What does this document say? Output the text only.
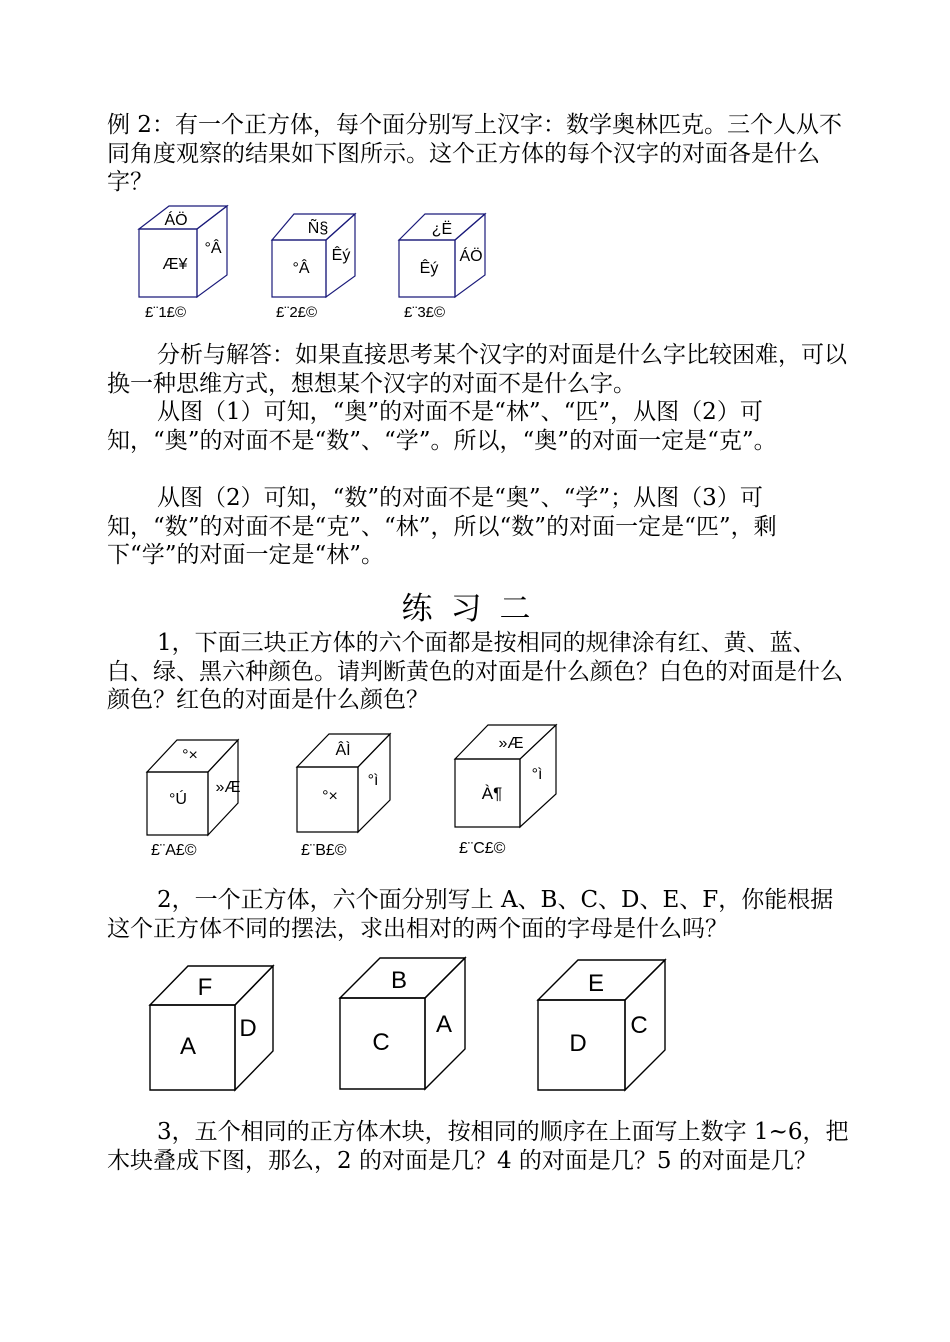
例 2：有一个正方体，每个面分别写上汉字：数学奥林匹克。三个人从不同角度观察的结果如下图所示。这个正方体的每个汉字的对面各是什么字？

ÁÖ
Æ¥
°Â
£¨1£©
Ñ§
°Â
Êý
£¨2£©
¿Ë
Êý
ÁÖ
£¨3£©

分析与解答：如果直接思考某个汉字的对面是什么字比较困难，可以换一种思维方式，想想某个汉字的对面不是什么字。

从图（1）可知，“奥”的对面不是“林”、“匹”，从图（2）可知，“奥”的对面不是“数”、“学”。所以，“奥”的对面一定是“克”。

从图（2）可知，“数”的对面不是“奥”、“学”；从图（3）可知，“数”的对面不是“克”、“林”，所以“数”的对面一定是“匹”，剩下“学”的对面一定是“林”。

练习二

1，下面三块正方体的六个面都是按相同的规律涂有红、黄、蓝、白、绿、黑六种颜色。请判断黄色的对面是什么颜色？白色的对面是什么颜色？红色的对面是什么颜色？

°×
°Ú
»Æ
£¨A£©
ÂÌ
°×
°ì
£¨B£©
»Æ
À¶
°ì
£¨C£©

2，一个正方体，六个面分别写上 A、B、C、D、E、F，你能根据这个正方体不同的摆法，求出相对的两个面的字母是什么吗？

F
A
D
B
C
A
E
D
C

3，五个相同的正方体木块，按相同的顺序在上面写上数字 1~6，把木块叠成下图，那么，2 的对面是几？4 的对面是几？5 的对面是几？
